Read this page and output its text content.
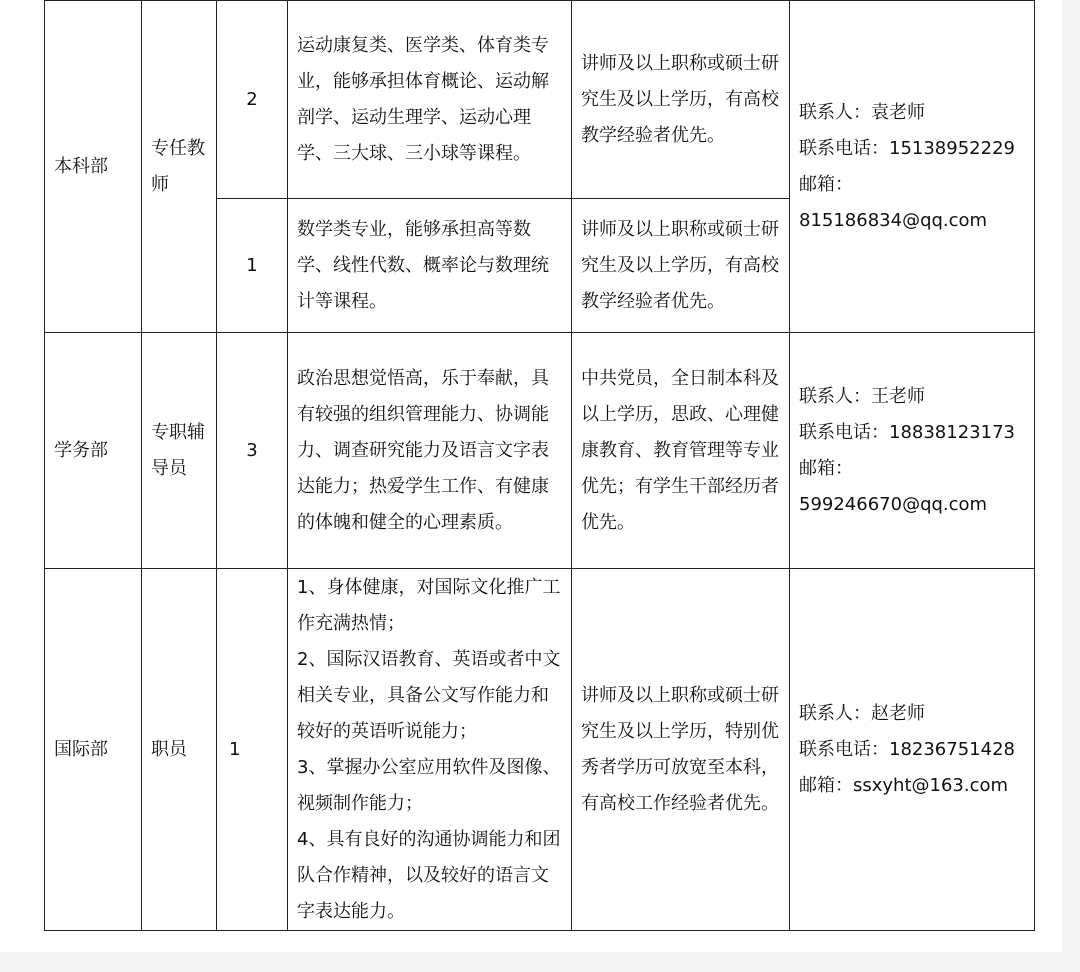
本科部	专任教师	2	运动康复类、医学类、体育类专业，能够承担体育概论、运动解剖学、运动生理学、运动心理学、三大球、三小球等课程。	讲师及以上职称或硕士研究生及以上学历，有高校教学经验者优先。	联系人：袁老师
联系电话：15138952229
邮箱：
815186834@qq.com

		1	数学类专业，能够承担高等数学、线性代数、概率论与数理统计等课程。	讲师及以上职称或硕士研究生及以上学历，有高校教学经验者优先。	
学务部	专职辅导员	3	政治思想觉悟高，乐于奉献，具有较强的组织管理能力、协调能力、调查研究能力及语言文字表达能力；热爱学生工作、有健康的体魄和健全的心理素质。	中共党员，全日制本科及以上学历，思政、心理健康教育、教育管理等专业优先；有学生干部经历者优先。	联系人：王老师
联系电话：18838123173
邮箱：
599246670@qq.com

国际部	职员	1	1、身体健康，对国际文化推广工作充满热情；
2、国际汉语教育、英语或者中文相关专业，具备公文写作能力和较好的英语听说能力；
3、掌握办公室应用软件及图像、视频制作能力；
4、具有良好的沟通协调能力和团队合作精神，以及较好的语言文字表达能力。	讲师及以上职称或硕士研究生及以上学历，特别优秀者学历可放宽至本科，有高校工作经验者优先。	联系人：赵老师
联系电话：18236751428
邮箱：ssxyht@163.com
